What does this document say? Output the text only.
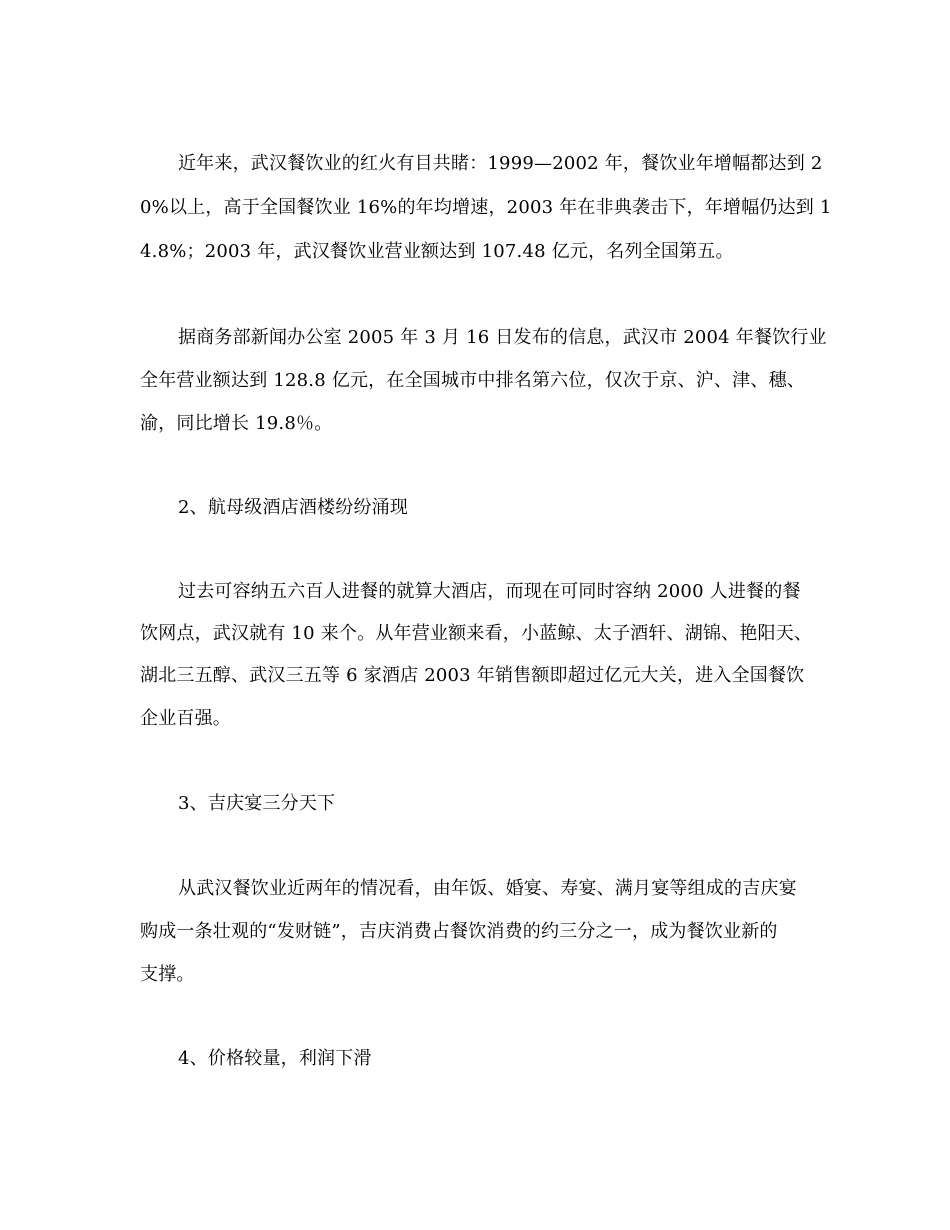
近年来，武汉餐饮业的红火有目共睹：1999—2002 年，餐饮业年增幅都达到 2
0%以上，高于全国餐饮业 16%的年均增速，2003 年在非典袭击下，年增幅仍达到 1
4.8%；2003 年，武汉餐饮业营业额达到 107.48 亿元，名列全国第五。
据商务部新闻办公室 2005 年 3 月 16 日发布的信息，武汉市 2004 年餐饮行业
全年营业额达到 128.8 亿元，在全国城市中排名第六位，仅次于京、沪、津、穗、
渝，同比增长 19.8％。
2、航母级酒店酒楼纷纷涌现
过去可容纳五六百人进餐的就算大酒店，而现在可同时容纳 2000 人进餐的餐
饮网点，武汉就有 10 来个。从年营业额来看，小蓝鲸、太子酒轩、湖锦、艳阳天、
湖北三五醇、武汉三五等 6 家酒店 2003 年销售额即超过亿元大关，进入全国餐饮
企业百强。
3、吉庆宴三分天下
从武汉餐饮业近两年的情况看，由年饭、婚宴、寿宴、满月宴等组成的吉庆宴
购成一条壮观的“发财链”，吉庆消费占餐饮消费的约三分之一，成为餐饮业新的
支撑。
4、价格较量，利润下滑
